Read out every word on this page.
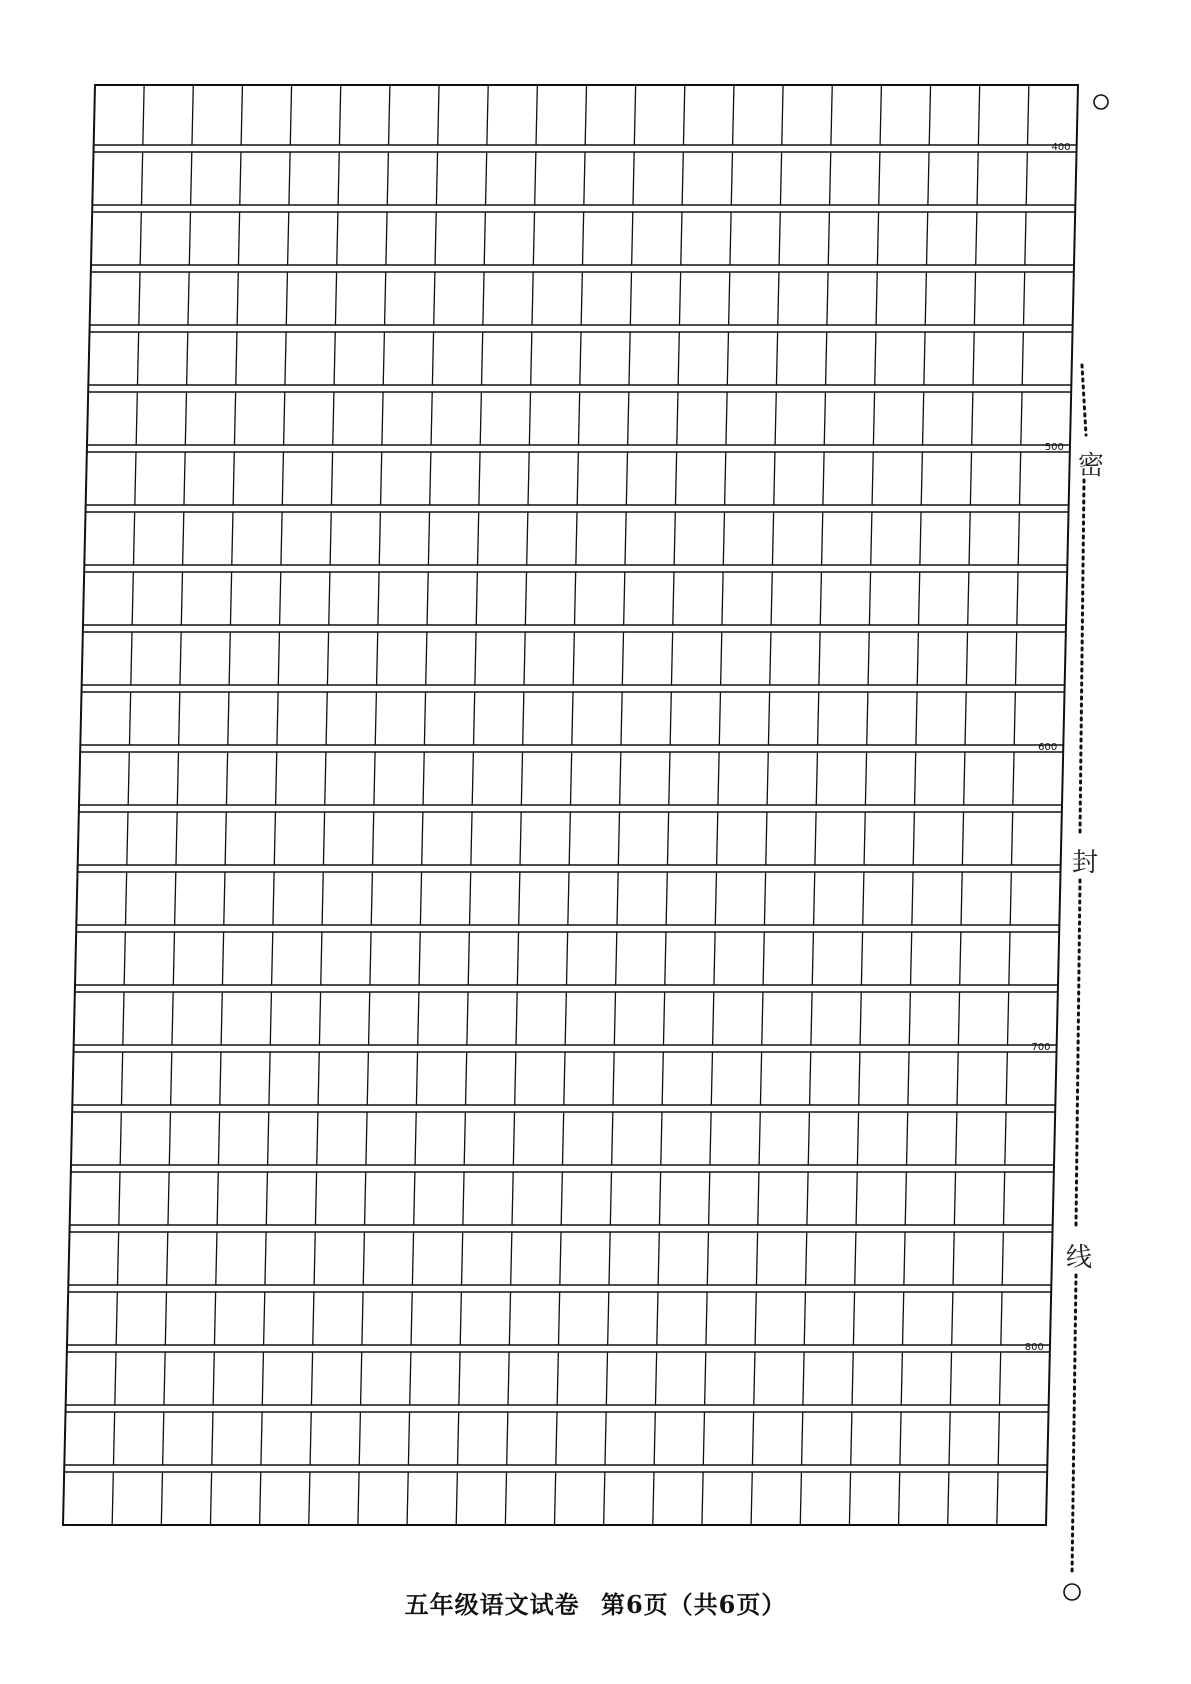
400
500
600
700
800
密
封
线
五年级语文试卷 第6页（共6页）
